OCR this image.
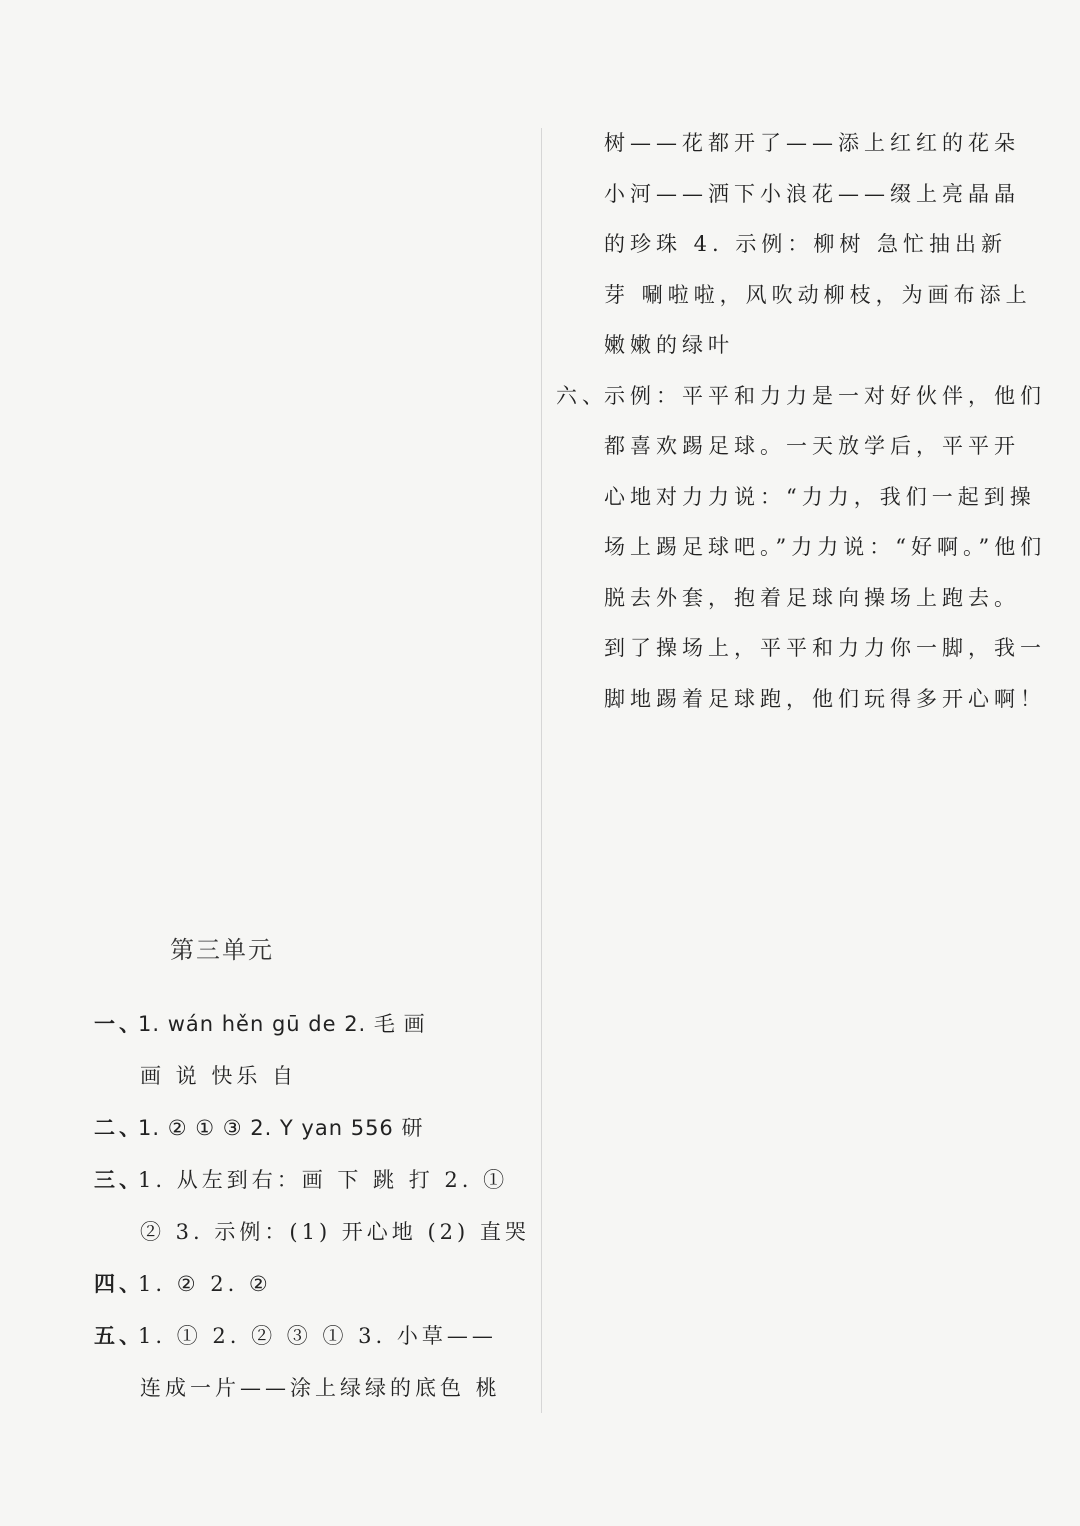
树——花都开了——添上红红的花朵
小河——洒下小浪花——缀上亮晶晶
的珍珠 4. 示例：柳树 急忙抽出新
芽 唰啦啦，风吹动柳枝，为画布添上
嫩嫩的绿叶
六、
示例：平平和力力是一对好伙伴，他们
都喜欢踢足球。一天放学后，平平开
心地对力力说：“力力，我们一起到操
场上踢足球吧。”力力说：“好啊。”他们
脱去外套，抱着足球向操场上跑去。
到了操场上，平平和力力你一脚，我一
脚地踢着足球跑，他们玩得多开心啊！
第三单元
一、
1. wán hěn gū de 2. 毛 画
画 说 快乐 自
二、
1. ② ① ③ 2. Y yan 556 研
三、
1. 从左到右：画 下 跳 打 2. ①
② 3. 示例：(1) 开心地 (2) 直哭
四、
1. ② 2. ②
五、
1. ① 2. ② ③ ① 3. 小草——
连成一片——涂上绿绿的底色 桃
